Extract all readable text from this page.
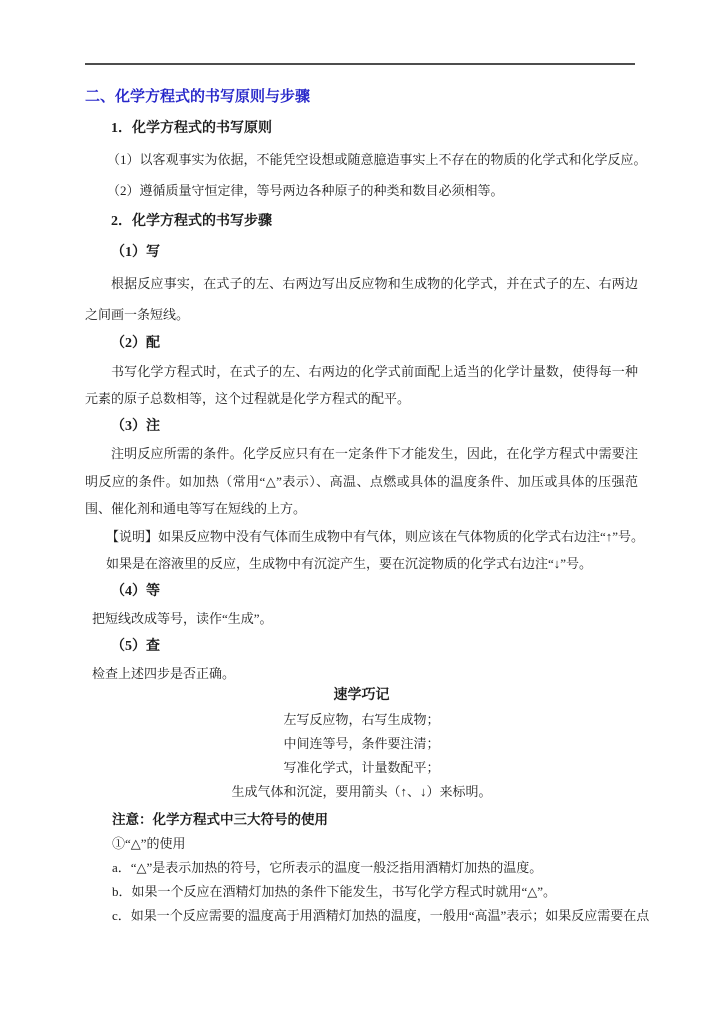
二、化学方程式的书写原则与步骤

1．化学方程式的书写原则

（1）以客观事实为依据，不能凭空设想或随意臆造事实上不存在的物质的化学式和化学反应。

（2）遵循质量守恒定律，等号两边各种原子的种类和数目必须相等。

2．化学方程式的书写步骤

（1）写

根据反应事实，在式子的左、右两边写出反应物和生成物的化学式，并在式子的左、右两边之间画一条短线。

（2）配

书写化学方程式时，在式子的左、右两边的化学式前面配上适当的化学计量数，使得每一种元素的原子总数相等，这个过程就是化学方程式的配平。

（3）注

注明反应所需的条件。化学反应只有在一定条件下才能发生，因此，在化学方程式中需要注明反应的条件。如加热（常用“△”表示）、高温、点燃或具体的温度条件、加压或具体的压强范围、催化剂和通电等写在短线的上方。

【说明】如果反应物中没有气体而生成物中有气体，则应该在气体物质的化学式右边注“↑”号。

如果是在溶液里的反应，生成物中有沉淀产生，要在沉淀物质的化学式右边注“↓”号。

（4）等

把短线改成等号，读作“生成”。

（5）查

检查上述四步是否正确。

速学巧记

左写反应物，右写生成物；

中间连等号，条件要注清；

写准化学式，计量数配平；

生成气体和沉淀，要用箭头（↑、↓）来标明。

注意：化学方程式中三大符号的使用

①“△”的使用

a．“△”是表示加热的符号，它所表示的温度一般泛指用酒精灯加热的温度。

b．如果一个反应在酒精灯加热的条件下能发生，书写化学方程式时就用“△”。

c．如果一个反应需要的温度高于用酒精灯加热的温度，一般用“高温”表示；如果反应需要在点
